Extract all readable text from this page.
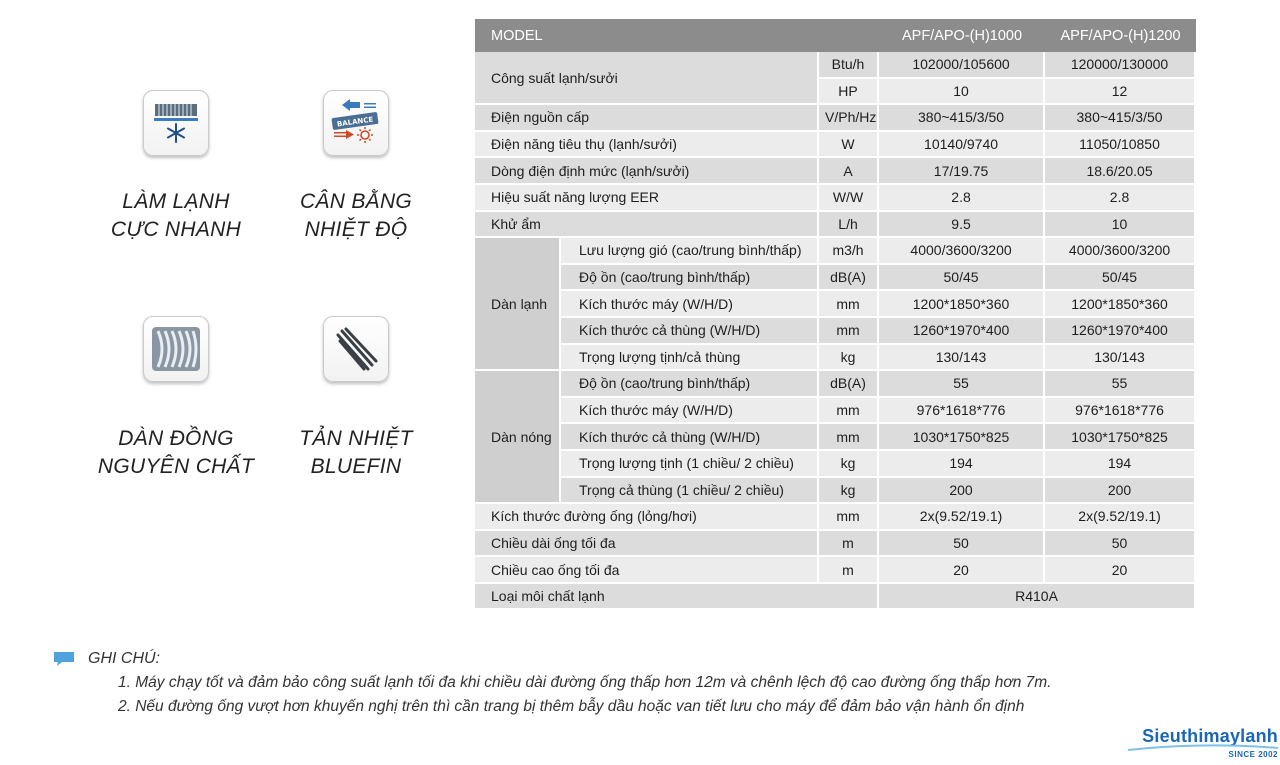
LÀM LẠNH
CỰC NHANH
BALANCE
CÂN BẰNG
NHIỆT ĐỘ
DÀN ĐỒNG
NGUYÊN CHẤT
TẢN NHIỆT
BLUEFIN
MODEL			APF/APO-(H)1000	APF/APO-(H)1200
Công suất lạnh/sưởi		Btu/h	102000/105600	120000/130000
		HP	10	12
Điện nguồn cấp		V/Ph/Hz	380~415/3/50	380~415/3/50
Điện năng tiêu thụ (lạnh/sưởi)		W	10140/9740	11050/10850
Dòng điện định mức (lạnh/sưởi)		A	17/19.75	18.6/20.05
Hiệu suất năng lượng EER		W/W	2.8	2.8
Khử ẩm		L/h	9.5	10
Dàn lạnh	Lưu lượng gió (cao/trung bình/thấp)	m3/h	4000/3600/3200	4000/3600/3200
	Độ ồn (cao/trung bình/thấp)	dB(A)	50/45	50/45
	Kích thước máy (W/H/D)	mm	1200*1850*360	1200*1850*360
	Kích thước cả thùng (W/H/D)	mm	1260*1970*400	1260*1970*400
	Trọng lượng tịnh/cả thùng	kg	130/143	130/143
Dàn nóng	Độ ồn (cao/trung bình/thấp)	dB(A)	55	55
	Kích thước máy (W/H/D)	mm	976*1618*776	976*1618*776
	Kích thước cả thùng (W/H/D)	mm	1030*1750*825	1030*1750*825
	Trọng lượng tịnh (1 chiều/ 2 chiều)	kg	194	194
	Trọng cả thùng (1 chiều/ 2 chiều)	kg	200	200
Kích thước đường ống (lỏng/hơi)		mm	2x(9.52/19.1)	2x(9.52/19.1)
Chiều dài ống tối đa		m	50	50
Chiều cao ống tối đa		m	20	20
Loại môi chất lạnh			R410A	
GHI CHÚ:
1. Máy chạy tốt và đảm bảo công suất lạnh tối đa khi chiều dài đường ống thấp hơn 12m và chênh lệch độ cao đường ống thấp hơn 7m.
2. Nếu đường ống vượt hơn khuyến nghị trên thì cần trang bị thêm bẫy dầu hoặc van tiết lưu cho máy để đảm bảo vận hành ổn định
Sieuthimaylanh
SINCE 2002
